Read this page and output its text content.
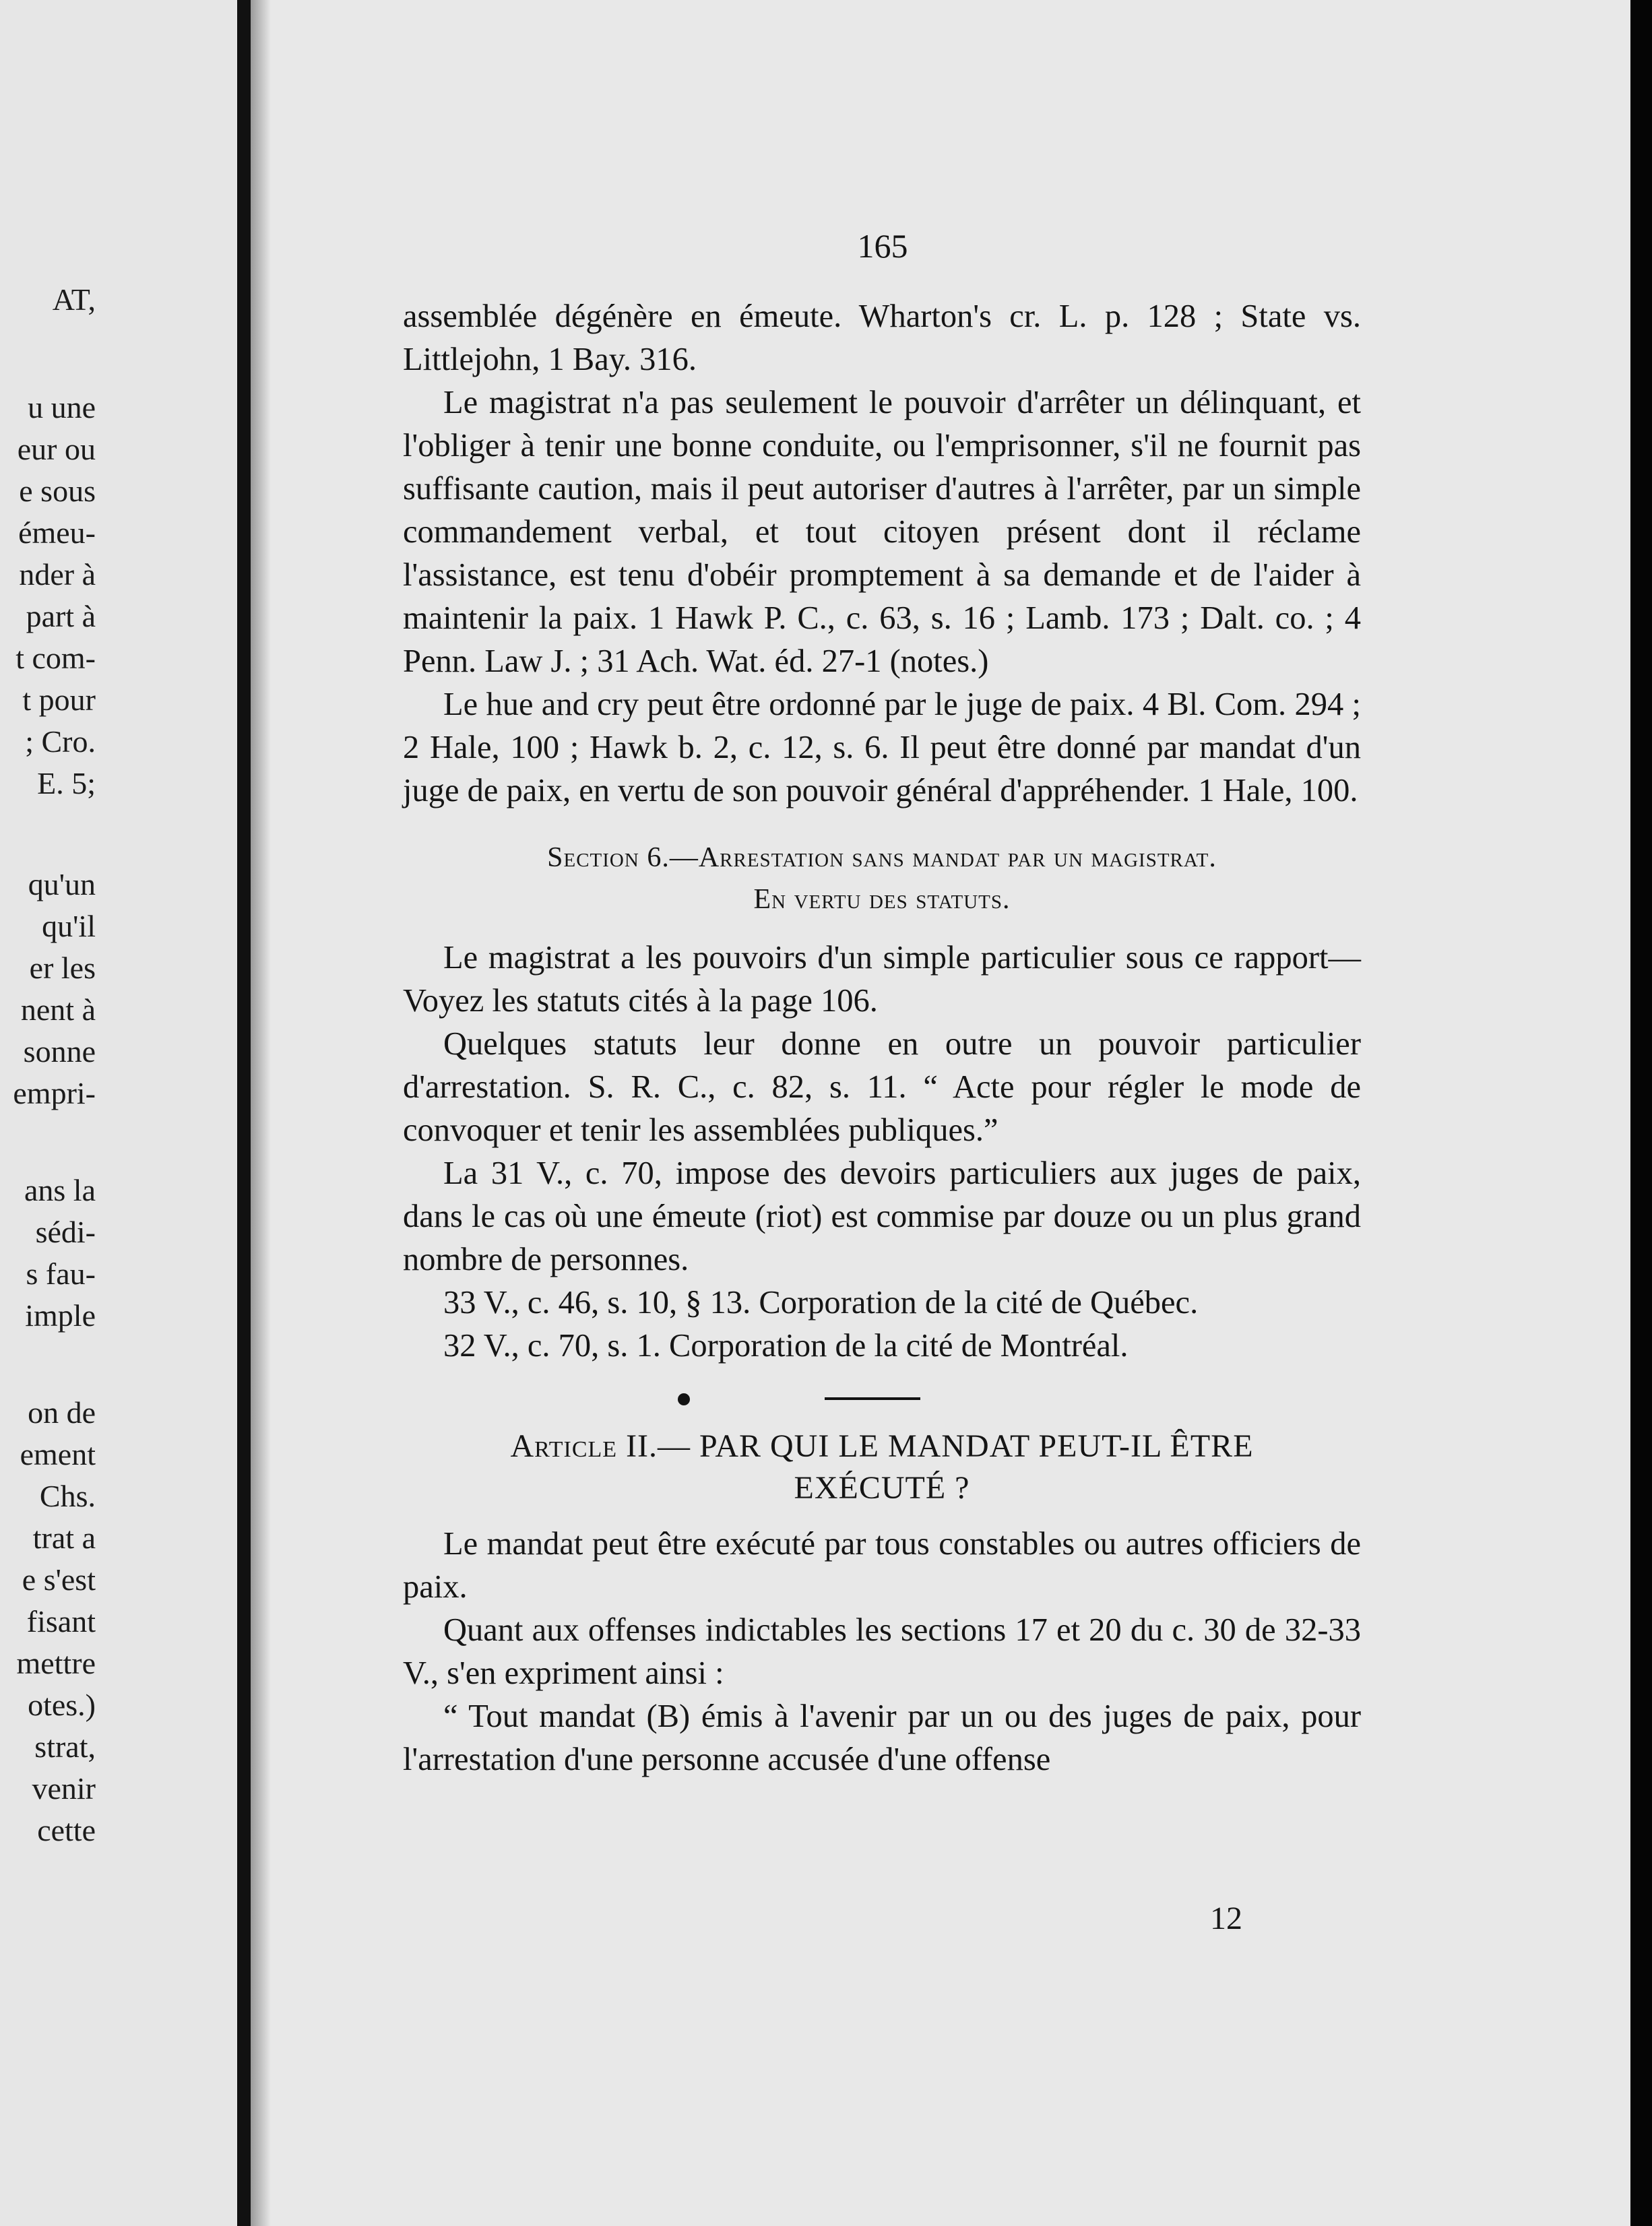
AT,
u une
eur ou
e sous
émeu-
nder à
part à
t com-
t pour
; Cro.
E. 5;
qu'un
qu'il
er les
nent à
sonne
empri-
ans la
sédi-
s fau-
imple
on de
ement
Chs.
trat a
e s'est
fisant
mettre
otes.)
strat,
venir
cette
165

assemblée dégénère en émeute. Wharton's cr. L. p. 128 ; State vs. Littlejohn, 1 Bay. 316.

Le magistrat n'a pas seulement le pouvoir d'arrêter un délinquant, et l'obliger à tenir une bonne conduite, ou l'emprisonner, s'il ne fournit pas suffisante caution, mais il peut autoriser d'autres à l'arrêter, par un simple commandement verbal, et tout citoyen présent dont il réclame l'assistance, est tenu d'obéir promptement à sa demande et de l'aider à maintenir la paix. 1 Hawk P. C., c. 63, s. 16 ; Lamb. 173 ; Dalt. co. ; 4 Penn. Law J. ; 31 Ach. Wat. éd. 27-1 (notes.)

Le hue and cry peut être ordonné par le juge de paix. 4 Bl. Com. 294 ; 2 Hale, 100 ; Hawk b. 2, c. 12, s. 6. Il peut être donné par mandat d'un juge de paix, en vertu de son pouvoir général d'appréhender. 1 Hale, 100.

Section 6.—Arrestation sans mandat par un magistrat.

En vertu des statuts.

Le magistrat a les pouvoirs d'un simple particulier sous ce rapport—Voyez les statuts cités à la page 106.

Quelques statuts leur donne en outre un pouvoir particulier d'arrestation. S. R. C., c. 82, s. 11. “ Acte pour régler le mode de convoquer et tenir les assemblées publiques.”

La 31 V., c. 70, impose des devoirs particuliers aux juges de paix, dans le cas où une émeute (riot) est commise par douze ou un plus grand nombre de personnes.

33 V., c. 46, s. 10, § 13. Corporation de la cité de Québec.

32 V., c. 70, s. 1. Corporation de la cité de Montréal.

Article II.— PAR QUI LE MANDAT PEUT-IL ÊTRE

EXÉCUTÉ ?

Le mandat peut être exécuté par tous constables ou autres officiers de paix.

Quant aux offenses indictables les sections 17 et 20 du c. 30 de 32-33 V., s'en expriment ainsi :

“ Tout mandat (B) émis à l'avenir par un ou des juges de paix, pour l'arrestation d'une personne accusée d'une offense

12
